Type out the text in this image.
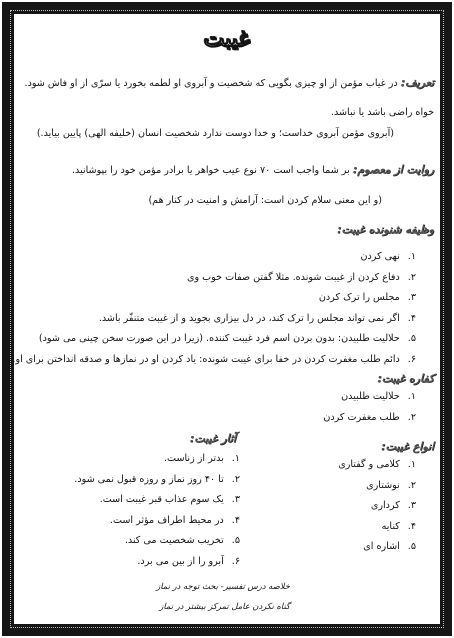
غیبت
تعریف: در غیاب مؤمن از او چیزی بگویی که شخصیت و آبروی او لطمه بخورد یا سرّی از او فاش شود.
خواه راضی باشد یا نباشد.
(آبروی مؤمن آبروی خداست؛ و خدا دوست ندارد شخصیت انسان (خلیفه الهی) پایین بیاید.)
روایت از معصوم: بر شما واجب است ۷۰ نوع عیب خواهر یا برادر مؤمن خود را بپوشانید.
(و این معنی سلام کردن است: آرامش و امنیت در کنار هم)
وظیفه شنونده غیبت:
۱.نهی کردن
۲.دفاع کردن از غیبت شونده. مثلا گفتن صفات خوب وی
۳.مجلس را ترک کردن
۴.اگر نمی تواند مجلس را ترک کند، در دل بیزاری بجوید و از غیبت متنفّر باشد.
۵.حلالیت طلبیدن: بدون بردن اسم فرد غیبت کننده. (زیرا در این صورت سخن چینی می شود)
۶.دائم طلب مغفرت کردن در خفا برای غیبت شونده: یاد کردن او در نمازها و صدقه انداختن برای او.
کفاره غیبت:
۱.حلالیت طلبیدن
۲.طلب مغفرت کردن
آثار غیبت:
۱.بدتر از زناست.
۲.تا ۴۰ روز نماز و روزه قبول نمی شود.
۳.یک سوم عذاب قبر غیبت است.
۴.در محیط اطراف مؤثر است.
۵.تخریب شخصیت می کند.
۶.آبرو را از بین می برد.
انواع غیبت:
۱.کلامی و گفتاری
۲.نوشتاری
۳.کرداری
۴.کنایه
۵.اشاره ای
خلاصه درس تفسیر- بحث توجه در نماز
گناه نکردن عامل تمرکز بیشتر در نماز
